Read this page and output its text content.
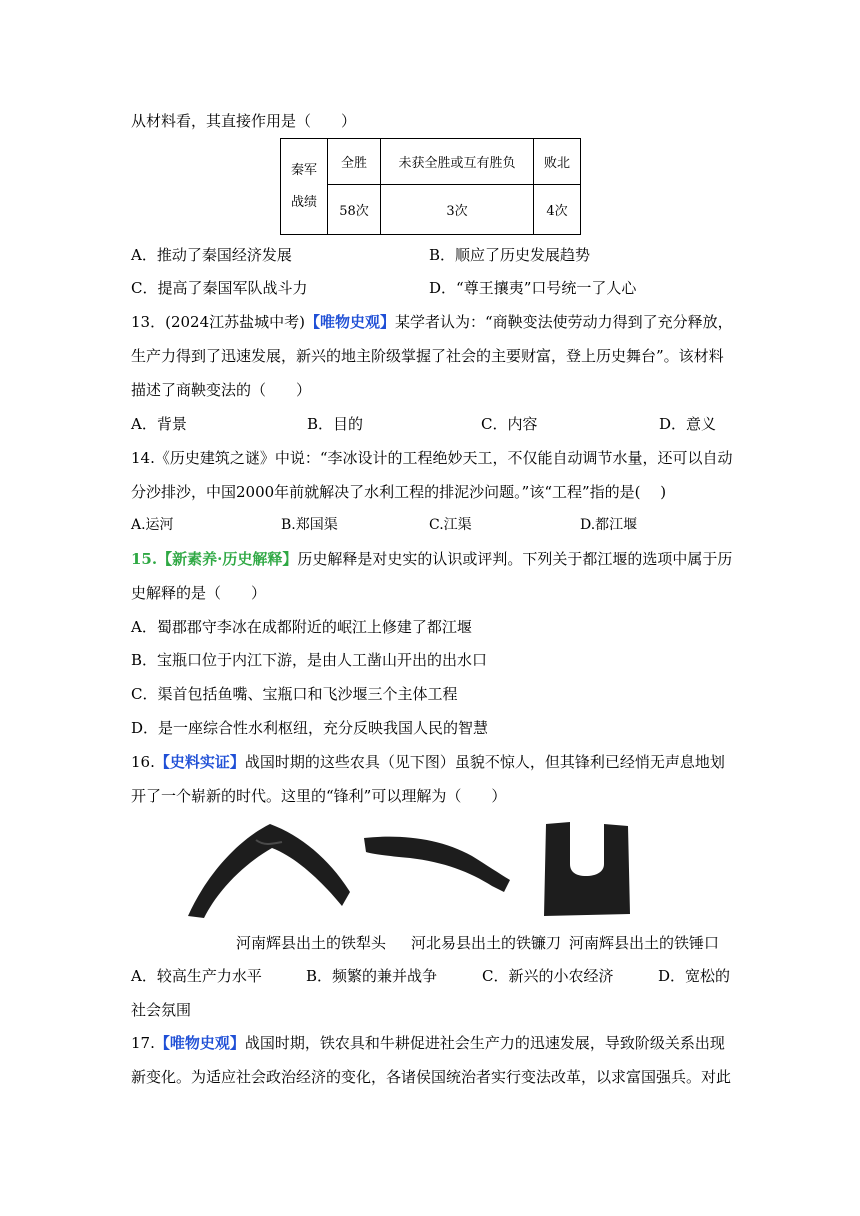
从材料看，其直接作用是（　　）
秦军
战绩	全胜	未获全胜或互有胜负	败北
	58次	3次	4次
A．推动了秦国经济发展	B．顺应了历史发展趋势
C．提高了秦国军队战斗力	D．“尊王攘夷”口号统一了人心
13．(2024江苏盐城中考)【唯物史观】某学者认为：“商鞅变法使劳动力得到了充分释放，
生产力得到了迅速发展，新兴的地主阶级掌握了社会的主要财富，登上历史舞台”。该材料
描述了商鞅变法的（　　）
A．背景	B．目的	C．内容	D．意义
14.《历史建筑之谜》中说：“李冰设计的工程绝妙天工，不仅能自动调节水量，还可以自动
分沙排沙，中国2000年前就解决了水利工程的排泥沙问题。”该“工程”指的是(　 )
A.运河	B.郑国渠	C.江渠	D.都江堰
15.【新素养·历史解释】历史解释是对史实的认识或评判。下列关于都江堰的选项中属于历
史解释的是（　　）
A．蜀郡郡守李冰在成都附近的岷江上修建了都江堰
B．宝瓶口位于内江下游，是由人工凿山开出的出水口
C．渠首包括鱼嘴、宝瓶口和飞沙堰三个主体工程
D．是一座综合性水利枢纽，充分反映我国人民的智慧
16.【史料实证】战国时期的这些农具（见下图）虽貌不惊人，但其锋利已经悄无声息地划
开了一个崭新的时代。这里的“锋利”可以理解为（　　）
河南辉县出土的铁犁头 河北易县出土的铁镰刀 河南辉县出土的铁锤口
A．较高生产力水平	B．频繁的兼并战争	C．新兴的小农经济	D．宽松的
社会氛围
17.【唯物史观】战国时期，铁农具和牛耕促进社会生产力的迅速发展，导致阶级关系出现
新变化。为适应社会政治经济的变化，各诸侯国统治者实行变法改革，以求富国强兵。对此
